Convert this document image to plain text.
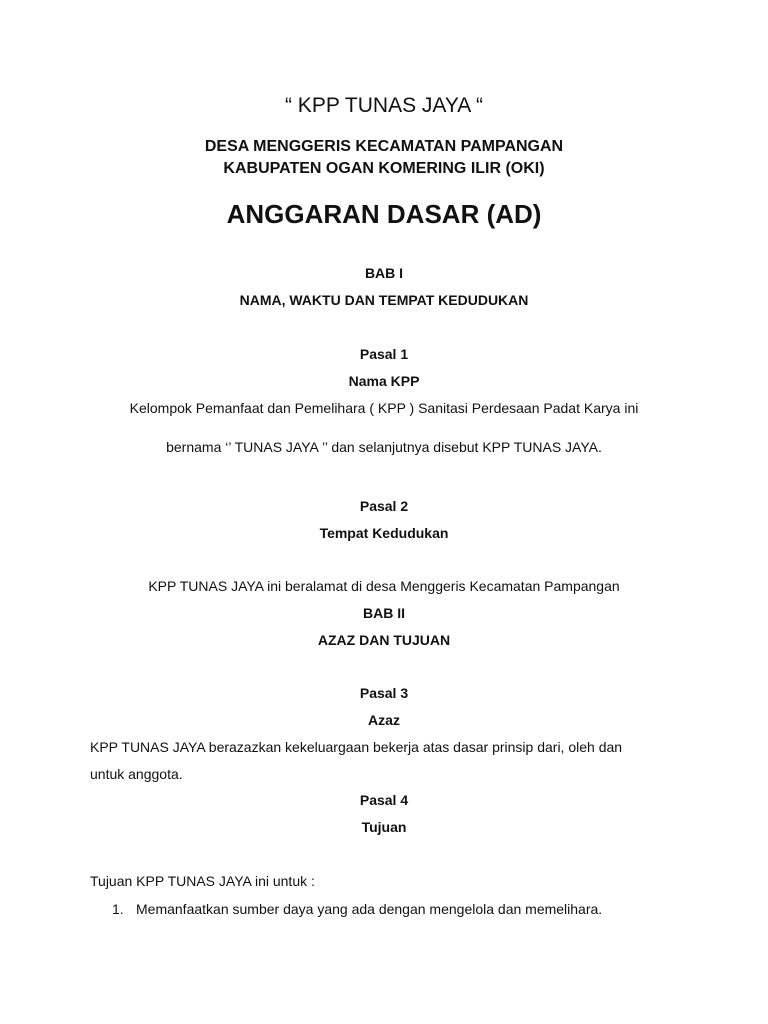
“ KPP TUNAS JAYA “
DESA MENGGERIS KECAMATAN PAMPANGAN
KABUPATEN OGAN KOMERING ILIR (OKI)
ANGGARAN DASAR (AD)
BAB I
NAMA, WAKTU DAN TEMPAT KEDUDUKAN
Pasal 1
Nama KPP
Kelompok Pemanfaat dan Pemelihara ( KPP ) Sanitasi Perdesaan Padat Karya ini
bernama ‘’ TUNAS JAYA ’’ dan selanjutnya disebut KPP TUNAS JAYA.
Pasal 2
Tempat Kedudukan
KPP TUNAS JAYA ini beralamat di desa Menggeris Kecamatan Pampangan
BAB II
AZAZ DAN TUJUAN
Pasal 3
Azaz
KPP TUNAS JAYA berazazkan kekeluargaan bekerja atas dasar prinsip dari, oleh dan
untuk anggota.
Pasal 4
Tujuan
Tujuan KPP TUNAS JAYA ini untuk :
1. Memanfaatkan sumber daya yang ada dengan mengelola dan memelihara.
